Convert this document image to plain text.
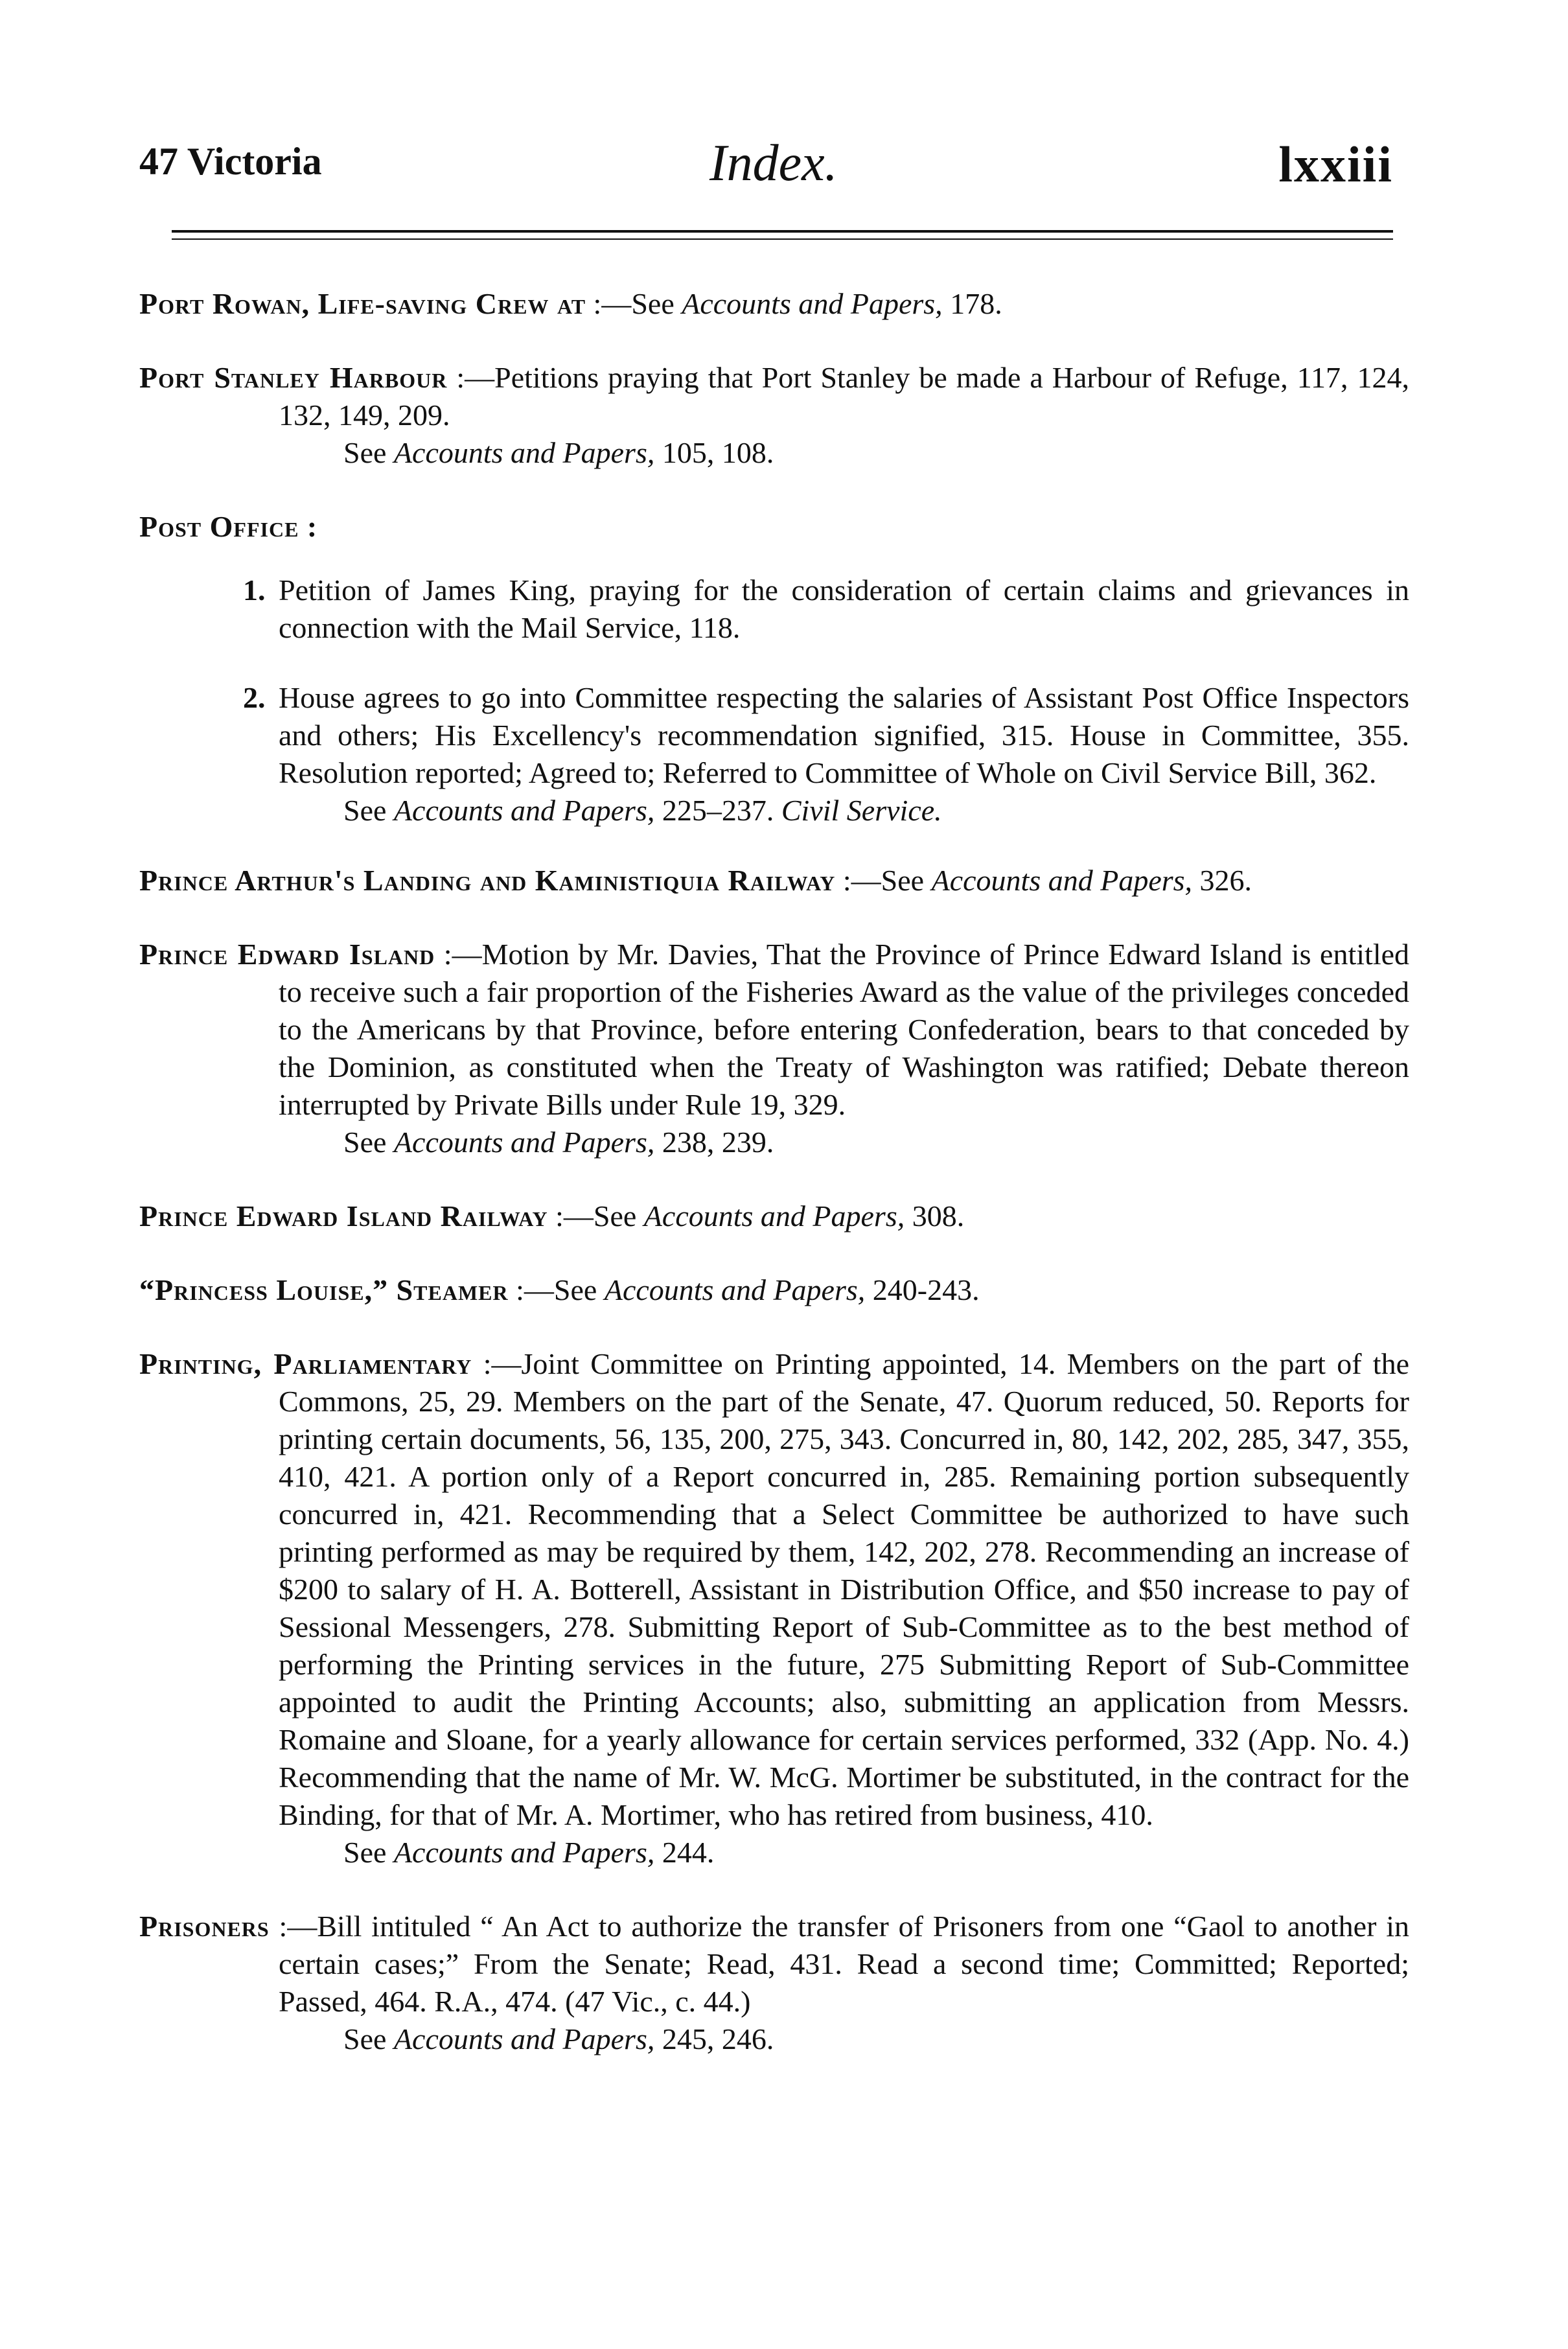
47 Victoria	Index.	lxxiii
Port Rowan, Life-saving Crew at :—See Accounts and Papers, 178.
Port Stanley Harbour :—Petitions praying that Port Stanley be made a Harbour of Refuge, 117, 124, 132, 149, 209.
See Accounts and Papers, 105, 108.
Post Office :
1. Petition of James King, praying for the consideration of certain claims and grievances in connection with the Mail Service, 118.
2. House agrees to go into Committee respecting the salaries of Assistant Post Office Inspectors and others; His Excellency's recommendation signified, 315. House in Committee, 355. Resolution reported; Agreed to; Referred to Committee of Whole on Civil Service Bill, 362.
See Accounts and Papers, 225–237. Civil Service.
Prince Arthur's Landing and Kaministiquia Railway :—See Accounts and Papers, 326.
Prince Edward Island :—Motion by Mr. Davies, That the Province of Prince Edward Island is entitled to receive such a fair proportion of the Fisheries Award as the value of the privileges conceded to the Americans by that Province, before entering Confederation, bears to that conceded by the Dominion, as constituted when the Treaty of Washington was ratified; Debate thereon interrupted by Private Bills under Rule 19, 329.
See Accounts and Papers, 238, 239.
Prince Edward Island Railway :—See Accounts and Papers, 308.
“Princess Louise,” Steamer :—See Accounts and Papers, 240-243.
Printing, Parliamentary :—Joint Committee on Printing appointed, 14. Members on the part of the Commons, 25, 29. Members on the part of the Senate, 47. Quorum reduced, 50. Reports for printing certain documents, 56, 135, 200, 275, 343. Concurred in, 80, 142, 202, 285, 347, 355, 410, 421. A portion only of a Report concurred in, 285. Remaining portion subsequently concurred in, 421. Recommending that a Select Committee be authorized to have such printing performed as may be required by them, 142, 202, 278. Recommending an increase of $200 to salary of H. A. Botterell, Assistant in Distribution Office, and $50 increase to pay of Sessional Messengers, 278. Submitting Report of Sub-Committee as to the best method of performing the Printing services in the future, 275 Submitting Report of Sub-Committee appointed to audit the Printing Accounts; also, submitting an application from Messrs. Romaine and Sloane, for a yearly allowance for certain services performed, 332 (App. No. 4.) Recommending that the name of Mr. W. McG. Mortimer be substituted, in the contract for the Binding, for that of Mr. A. Mortimer, who has retired from business, 410.
See Accounts and Papers, 244.
Prisoners :—Bill intituled “ An Act to authorize the transfer of Prisoners from one “Gaol to another in certain cases;” From the Senate; Read, 431. Read a second time; Committed; Reported; Passed, 464. R.A., 474. (47 Vic., c. 44.)
See Accounts and Papers, 245, 246.
